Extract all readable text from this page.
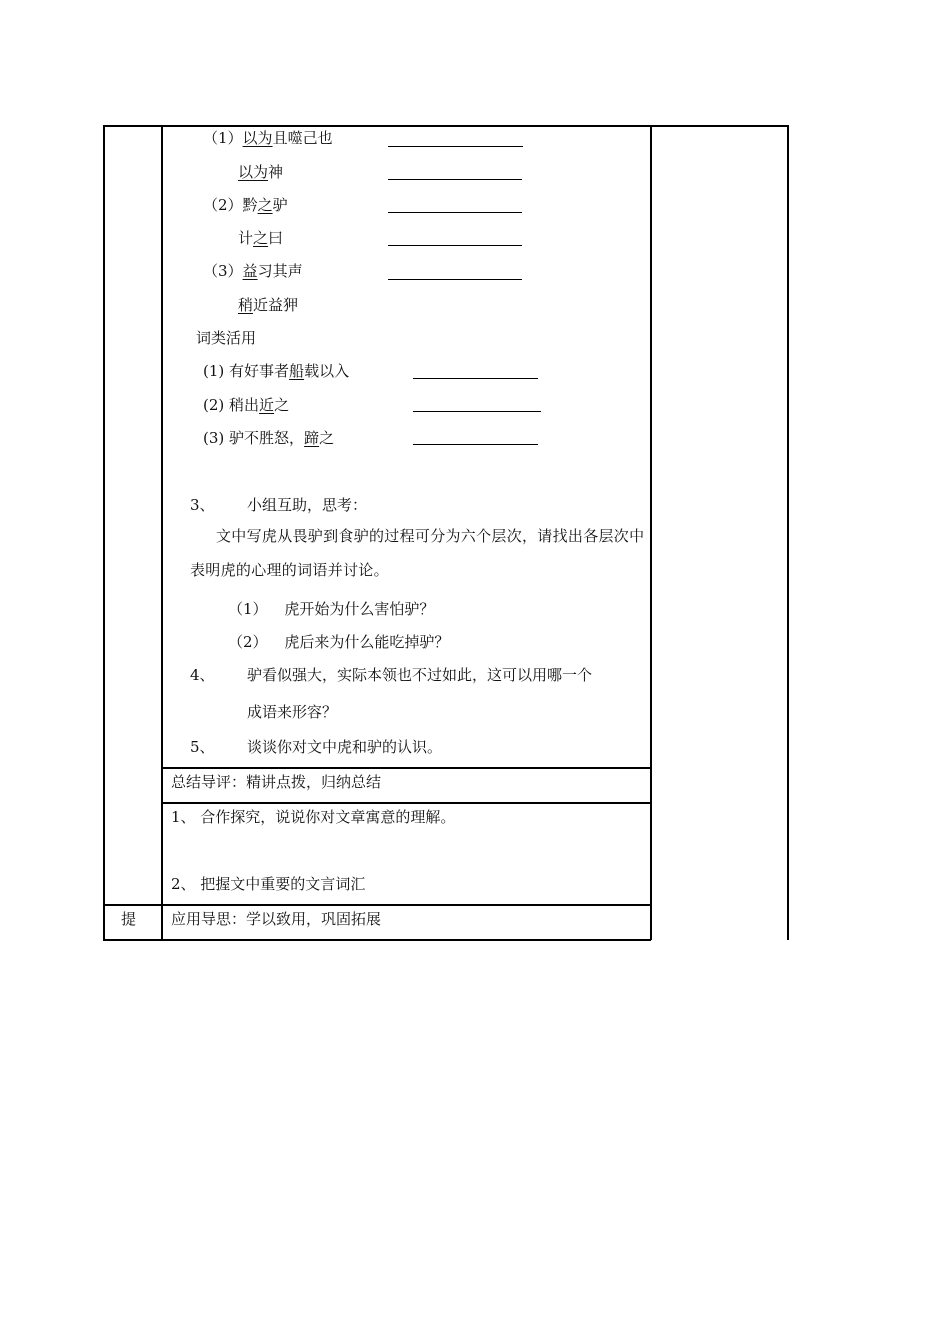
（1）以为且噬己也
以为神
（2）黔之驴
计之曰
（3）益习其声
稍近益狎
词类活用
(1) 有好事者船载以入
(2) 稍出近之
(3) 驴不胜怒，蹄之
3、 小组互助，思考：
文中写虎从畏驴到食驴的过程可分为六个层次，请找出各层次中表明虎的心理的词语并讨论。
（1） 虎开始为什么害怕驴？
（2） 虎后来为什么能吃掉驴？
4、 驴看似强大，实际本领也不过如此，这可以用哪一个
成语来形容？
5、 谈谈你对文中虎和驴的认识。
总结导评：精讲点拨，归纳总结
1、 合作探究，说说你对文章寓意的理解。
2、 把握文中重要的文言词汇
提 应用导思：学以致用，巩固拓展
